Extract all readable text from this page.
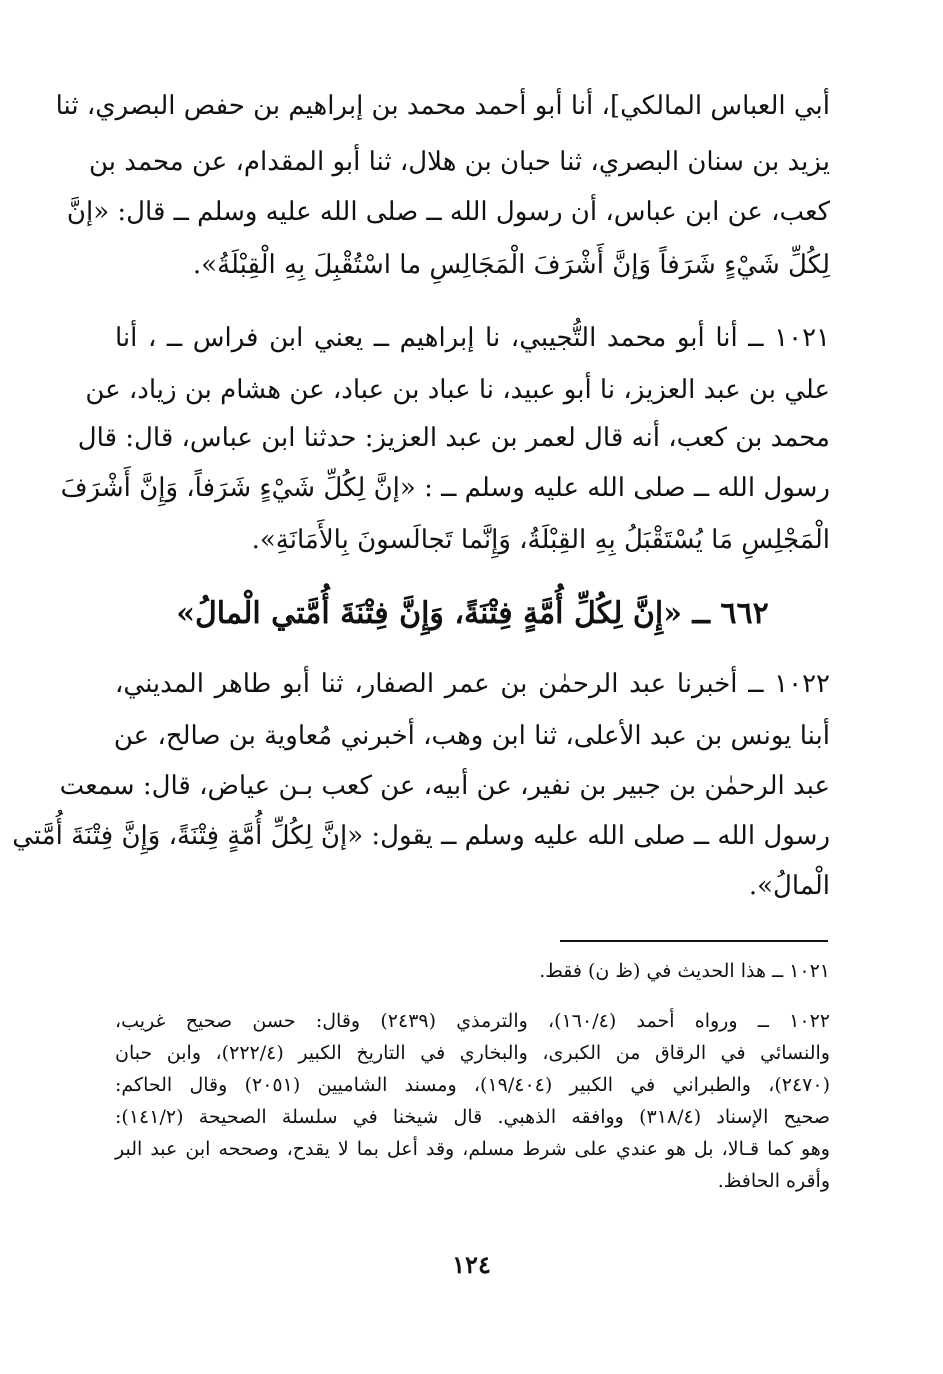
أبي العباس المالكي]، أنا أبو أحمد محمد بن إبراهيم بن حفص البصري، ثنا
يزيد بن سنان البصري، ثنا حبان بن هلال، ثنا أبو المقدام، عن محمد بن
كعب، عن ابن عباس، أن رسول الله ــ صلى الله عليه وسلم ــ قال: «إنَّ
لِكُلِّ شَيْءٍ شَرَفاً وَإنَّ أَشْرَفَ الْمَجَالِسِ ما اسْتُقْبِلَ بِهِ الْقِبْلَةُ».
١٠٢١ ــ أنا أبو محمد التُّجيبي، نا إبراهيم ــ يعني ابن فراس ــ ، أنا
علي بن عبد العزيز، نا أبو عبيد، نا عباد بن عباد، عن هشام بن زياد، عن
محمد بن كعب، أنه قال لعمر بن عبد العزيز: حدثنا ابن عباس، قال: قال
رسول الله ــ صلى الله عليه وسلم ــ : «إنَّ لِكُلِّ شَيْءٍ شَرَفاً، وَإِنَّ أَشْرَفَ
الْمَجْلِسِ مَا يُسْتَقْبَلُ بِهِ القِبْلَةُ، وَإِنَّما تَجالَسونَ بِالأَمَانَةِ».
٦٦٢ ــ «إِنَّ لِكُلِّ أُمَّةٍ فِتْنَةً، وَإِنَّ فِتْنَةَ أُمَّتي الْمالُ»
١٠٢٢ ــ أخبرنا عبد الرحمٰن بن عمر الصفار، ثنا أبو طاهر المديني،
أبنا يونس بن عبد الأعلى، ثنا ابن وهب، أخبرني مُعاوية بن صالح، عن
عبد الرحمٰن بن جبير بن نفير، عن أبيه، عن كعب بـن عياض، قال: سمعت
رسول الله ــ صلى الله عليه وسلم ــ يقول: «إنَّ لِكُلِّ أُمَّةٍ فِتْنَةً، وَإِنَّ فِتْنَةَ أُمَّتي
الْمالُ».
١٠٢١ ــ هذا الحديث في (ظ ن) فقط.
١٠٢٢ ــ ورواه أحمد (١٦٠/٤)، والترمذي (٢٤٣٩) وقال: حسن صحيح غريب،
والنسائي في الرقاق من الكبرى، والبخاري في التاريخ الكبير (٢٢٢/٤)، وابن حبان
(٢٤٧٠)، والطبراني في الكبير (١٩/٤٠٤)، ومسند الشاميين (٢٠٥١) وقال الحاكم:
صحيح الإسناد (٣١٨/٤) ووافقه الذهبي. قال شيخنا في سلسلة الصحيحة (١٤١/٢):
وهو كما قـالا، بل هو عندي على شرط مسلم، وقد أعل بما لا يقدح، وصححه ابن عبد البر
وأقره الحافظ.
١٢٤
